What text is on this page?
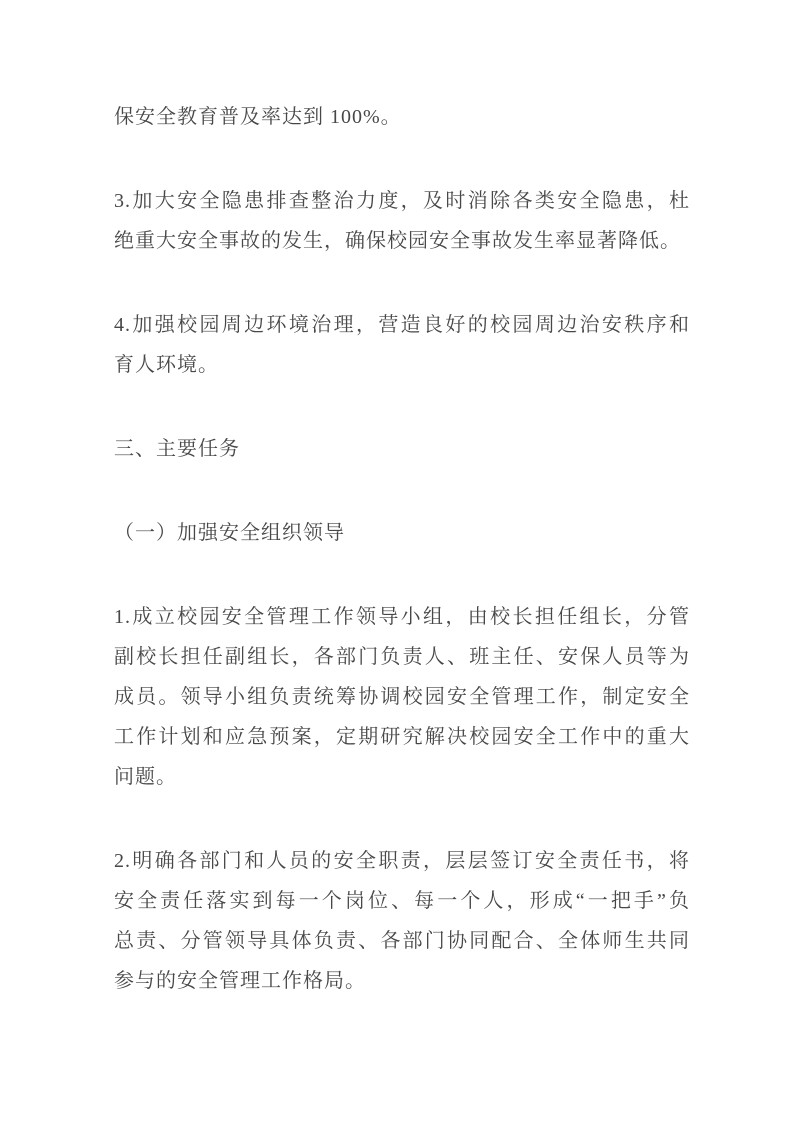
保安全教育普及率达到 100%。

3.加大安全隐患排查整治力度，及时消除各类安全隐患，杜
绝重大安全事故的发生，确保校园安全事故发生率显著降低。

4.加强校园周边环境治理，营造良好的校园周边治安秩序和
育人环境。

三、主要任务

（一）加强安全组织领导

1.成立校园安全管理工作领导小组，由校长担任组长，分管
副校长担任副组长，各部门负责人、班主任、安保人员等为
成员。领导小组负责统筹协调校园安全管理工作，制定安全
工作计划和应急预案，定期研究解决校园安全工作中的重大
问题。

2.明确各部门和人员的安全职责，层层签订安全责任书，将
安全责任落实到每一个岗位、每一个人，形成“一把手”负
总责、分管领导具体负责、各部门协同配合、全体师生共同
参与的安全管理工作格局。
